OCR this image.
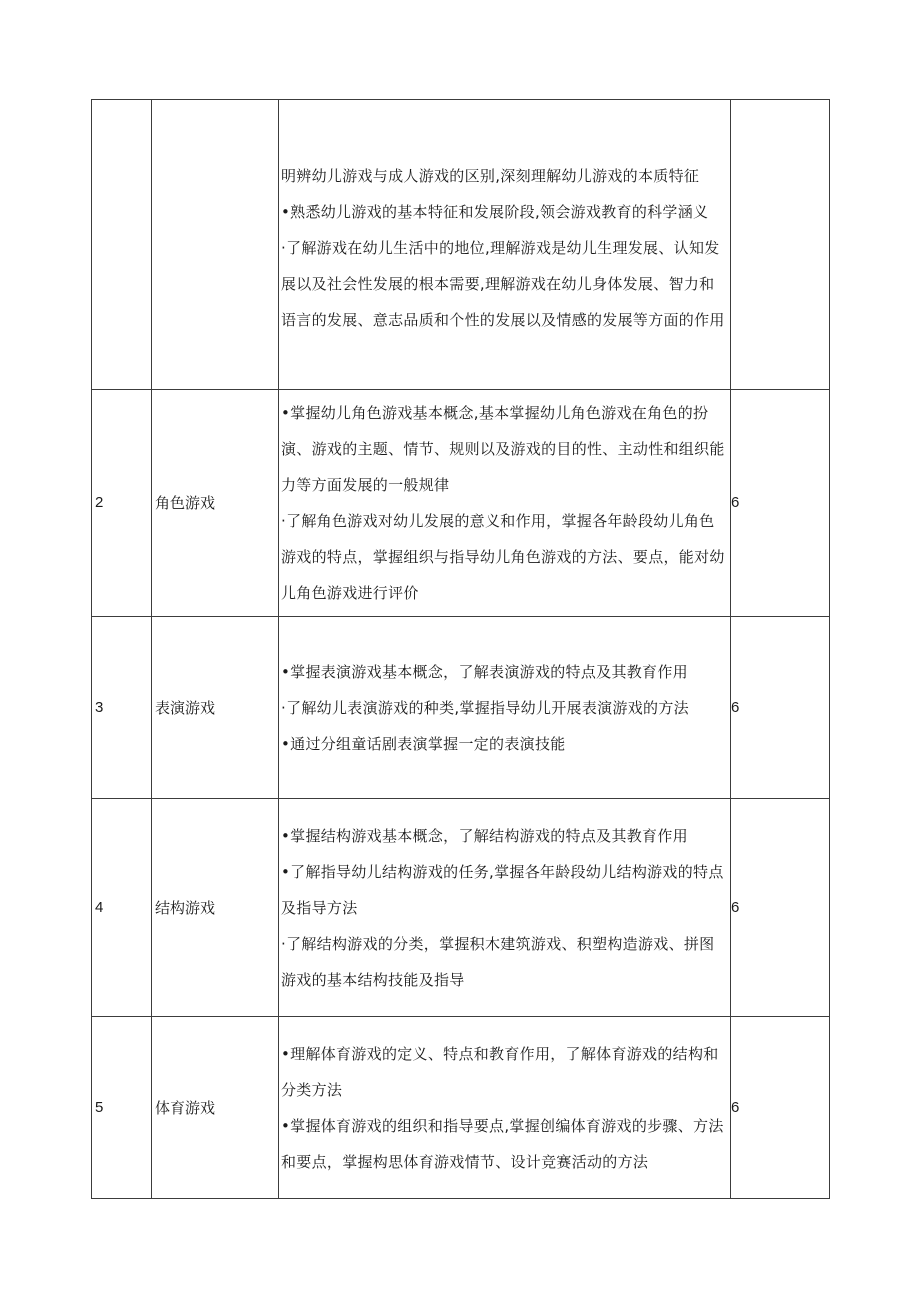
		明辨幼儿游戏与成人游戏的区别,深刻理解幼儿游戏的本质特征
•熟悉幼儿游戏的基本特征和发展阶段,领会游戏教育的科学涵义
·了解游戏在幼儿生活中的地位,理解游戏是幼儿生理发展、认知发展以及社会性发展的根本需要,理解游戏在幼儿身体发展、智力和语言的发展、意志品质和个性的发展以及情感的发展等方面的作用	

2	角色游戏	•掌握幼儿角色游戏基本概念,基本掌握幼儿角色游戏在角色的扮演、游戏的主题、情节、规则以及游戏的目的性、主动性和组织能力等方面发展的一般规律
·了解角色游戏对幼儿发展的意义和作用，掌握各年龄段幼儿角色游戏的特点，掌握组织与指导幼儿角色游戏的方法、要点，能对幼儿角色游戏进行评价	6
3	表演游戏	•掌握表演游戏基本概念，了解表演游戏的特点及其教育作用
·了解幼儿表演游戏的种类,掌握指导幼儿开展表演游戏的方法
•通过分组童话剧表演掌握一定的表演技能	6
4	结构游戏	•掌握结构游戏基本概念，了解结构游戏的特点及其教育作用
•了解指导幼儿结构游戏的任务,掌握各年龄段幼儿结构游戏的特点及指导方法
·了解结构游戏的分类，掌握积木建筑游戏、积塑构造游戏、拼图游戏的基本结构技能及指导	6
5	体育游戏	•理解体育游戏的定义、特点和教育作用，了解体育游戏的结构和分类方法
•掌握体育游戏的组织和指导要点,掌握创编体育游戏的步骤、方法和要点，掌握构思体育游戏情节、设计竞赛活动的方法	6
